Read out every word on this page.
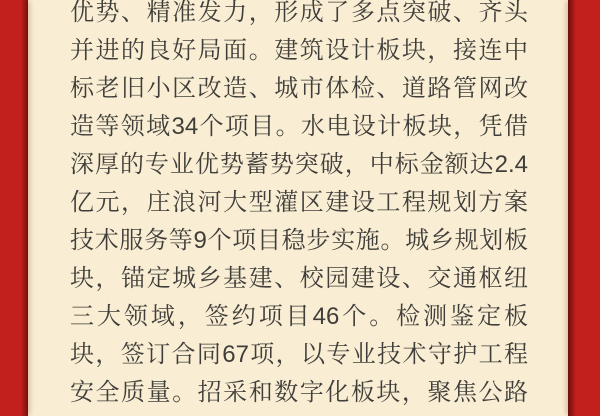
优势、精准发力，形成了多点突破、齐头
并进的良好局面。建筑设计板块，接连中
标老旧小区改造、城市体检、道路管网改
造等领域34个项目。水电设计板块，凭借
深厚的专业优势蓄势突破，中标金额达2.4
亿元，庄浪河大型灌区建设工程规划方案
技术服务等9个项目稳步实施。城乡规划板
块，锚定城乡基建、校园建设、交通枢纽
三大领域，签约项目46个。检测鉴定板
块，签订合同67项，以专业技术守护工程
安全质量。招采和数字化板块，聚焦公路
